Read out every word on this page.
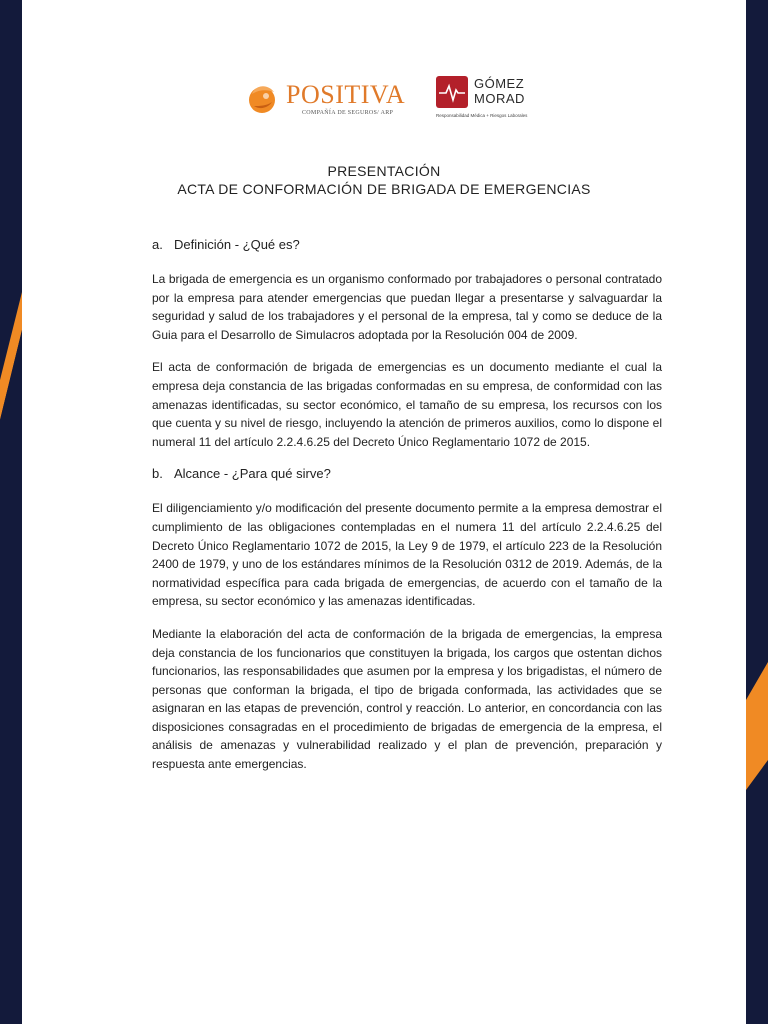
POSITIVA
COMPAÑÍA DE SEGUROS/ ARP
GÓMEZ
MORAD
Responsabilidad Médica + Riesgos Laborales
PRESENTACIÓN
ACTA DE CONFORMACIÓN DE BRIGADA DE EMERGENCIAS
a. Definición - ¿Qué es?

La brigada de emergencia es un organismo conformado por trabajadores o personal contratado por la empresa para atender emergencias que puedan llegar a presentarse y salvaguardar la seguridad y salud de los trabajadores y el personal de la empresa, tal y como se deduce de la Guia para el Desarrollo de Simulacros adoptada por la Resolución 004 de 2009.

El acta de conformación de brigada de emergencias es un documento mediante el cual la empresa deja constancia de las brigadas conformadas en su empresa, de conformidad con las amenazas identificadas, su sector económico, el tamaño de su empresa, los recursos con los que cuenta y su nivel de riesgo, incluyendo la atención de primeros auxilios, como lo dispone el numeral 11 del artículo 2.2.4.6.25 del Decreto Único Reglamentario 1072 de 2015.

b. Alcance - ¿Para qué sirve?

El diligenciamiento y/o modificación del presente documento permite a la empresa demostrar el cumplimiento de las obligaciones contempladas en el numera 11 del artículo 2.2.4.6.25 del Decreto Único Reglamentario 1072 de 2015, la Ley 9 de 1979, el artículo 223 de la Resolución 2400 de 1979, y uno de los estándares mínimos de la Resolución 0312 de 2019. Además, de la normatividad específica para cada brigada de emergencias, de acuerdo con el tamaño de la empresa, su sector económico y las amenazas identificadas.

Mediante la elaboración del acta de conformación de la brigada de emergencias, la empresa deja constancia de los funcionarios que constituyen la brigada, los cargos que ostentan dichos funcionarios, las responsabilidades que asumen por la empresa y los brigadistas, el número de personas que conforman la brigada, el tipo de brigada conformada, las actividades que se asignaran en las etapas de prevención, control y reacción. Lo anterior, en concordancia con las disposiciones consagradas en el procedimiento de brigadas de emergencia de la empresa, el análisis de amenazas y vulnerabilidad realizado y el plan de prevención, preparación y respuesta ante emergencias.
